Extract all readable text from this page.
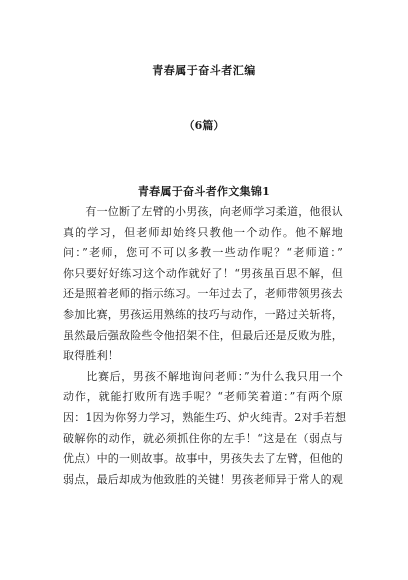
青春属于奋斗者汇编
（6篇）
青春属于奋斗者作文集锦1
　　有一位断了左臂的小男孩，向老师学习柔道，他很认
真的学习，但老师却始终只教他一个动作。他不解地
问：”老师，您可不可以多教一些动作呢？“老师道：”
你只要好好练习这个动作就好了！“男孩虽百思不解，但
还是照着老师的指示练习。一年过去了，老师带领男孩去
参加比赛，男孩运用熟练的技巧与动作，一路过关斩将，
虽然最后强敌险些令他招架不住，但最后还是反败为胜，
取得胜利！
　　比赛后，男孩不解地询问老师：”为什么我只用一个
动作，就能打败所有选手呢？“老师笑着道：”有两个原
因：1因为你努力学习，熟能生巧、炉火纯青。2对手若想
破解你的动作，就必须抓住你的左手！“这是在（弱点与
优点）中的一则故事。故事中，男孩失去了左臂，但他的
弱点，最后却成为他致胜的关键！男孩老师异于常人的观
